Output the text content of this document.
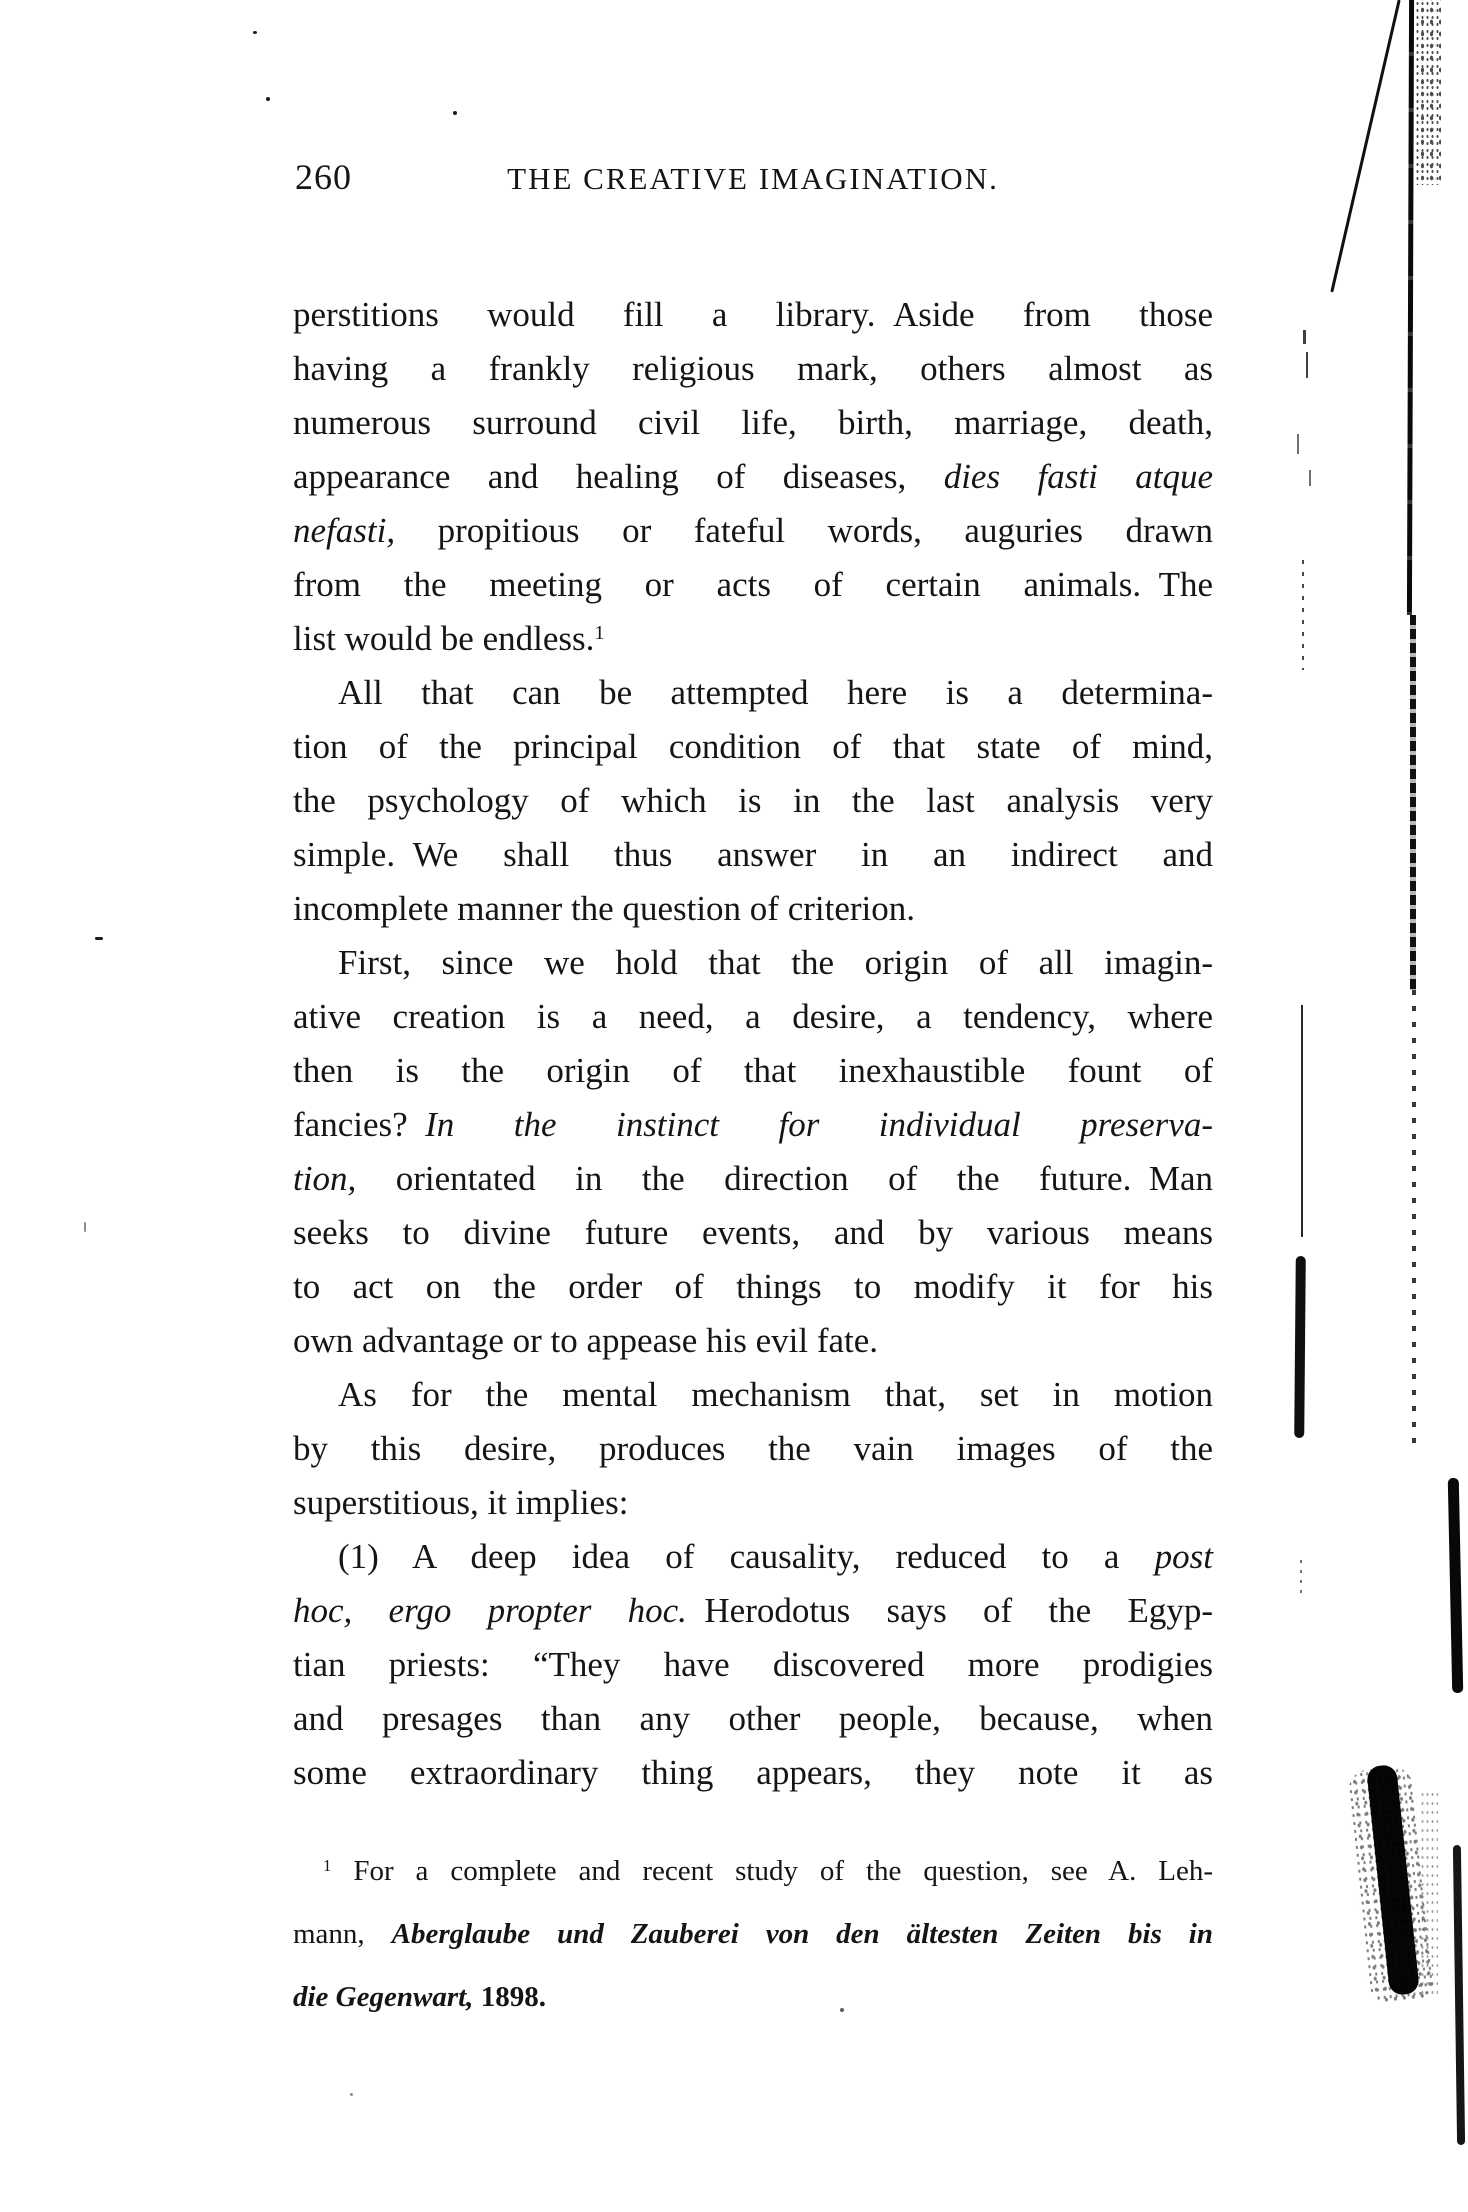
260	THE CREATIVE IMAGINATION.
perstitions would fill a library. Aside from those
having a frankly religious mark, others almost as
numerous surround civil life, birth, marriage, death,
appearance and healing of diseases, dies fasti atque
nefasti, propitious or fateful words, auguries drawn
from the meeting or acts of certain animals. The
list would be endless.$^1$
All that can be attempted here is a determina-
tion of the principal condition of that state of mind,
the psychology of which is in the last analysis very
simple. We shall thus answer in an indirect and
incomplete manner the question of criterion.
First, since we hold that the origin of all imagin-
ative creation is a need, a desire, a tendency, where
then is the origin of that inexhaustible fount of
fancies? In the instinct for individual preserva-
tion, orientated in the direction of the future. Man
seeks to divine future events, and by various means
to act on the order of things to modify it for his
own advantage or to appease his evil fate.
As for the mental mechanism that, set in motion
by this desire, produces the vain images of the
superstitious, it implies:
(1) A deep idea of causality, reduced to a post
hoc, ergo propter hoc. Herodotus says of the Egyp-
tian priests: “They have discovered more prodigies
and presages than any other people, because, when
some extraordinary thing appears, they note it as
$^1$ For a complete and recent study of the question, see A. Leh-
mann, Aberglaube und Zauberei von den ältesten Zeiten bis in
die Gegenwart, 1898.
